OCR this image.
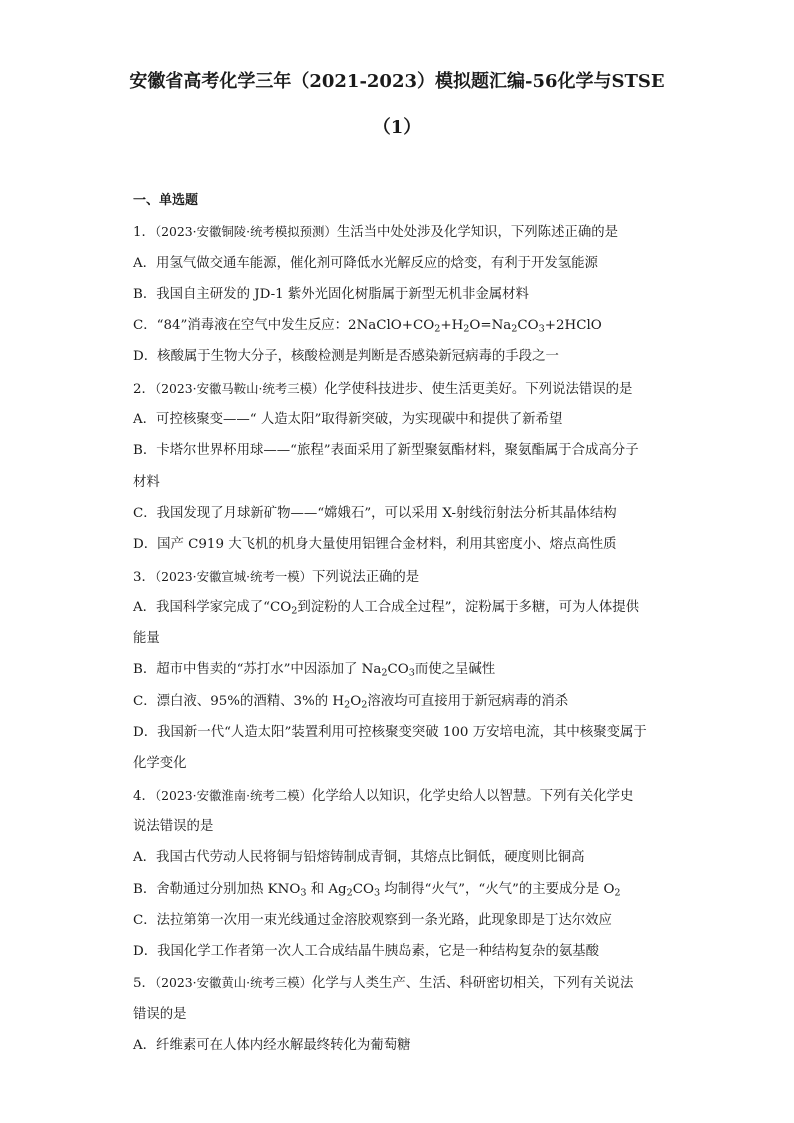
安徽省高考化学三年（2021-2023）模拟题汇编-56化学与STSE
（1）
一、单选题
1．（2023·安徽铜陵·统考模拟预测）生活当中处处涉及化学知识，下列陈述正确的是
A．用氢气做交通车能源，催化剂可降低水光解反应的焓变，有利于开发氢能源
B．我国自主研发的 JD-1 紫外光固化树脂属于新型无机非金属材料
C．“84”消毒液在空气中发生反应：$2NaClO+CO_2+H_2O=Na_2CO_3+2HClO$
D．核酸属于生物大分子，核酸检测是判断是否感染新冠病毒的手段之一
2．（2023·安徽马鞍山·统考三模）化学使科技进步、使生活更美好。下列说法错误的是
A．可控核聚变——“ 人造太阳”取得新突破，为实现碳中和提供了新希望
B．卡塔尔世界杯用球——“旅程”表面采用了新型聚氨酯材料，聚氨酯属于合成高分子
材料
C．我国发现了月球新矿物——“嫦娥石”，可以采用 X-射线衍射法分析其晶体结构
D．国产 C919 大飞机的机身大量使用铝锂合金材料，利用其密度小、熔点高性质
3．（2023·安徽宣城·统考一模）下列说法正确的是
A．我国科学家完成了“$CO_2$到淀粉的人工合成全过程”，淀粉属于多糖，可为人体提供
能量
B．超市中售卖的“苏打水”中因添加了 $Na_2CO_3$而使之呈碱性
C．漂白液、95%的酒精、3%的 $H_2O_2$溶液均可直接用于新冠病毒的消杀
D．我国新一代“人造太阳”装置利用可控核聚变突破 100 万安培电流，其中核聚变属于
化学变化
4．（2023·安徽淮南·统考二模）化学给人以知识，化学史给人以智慧。下列有关化学史
说法错误的是
A．我国古代劳动人民将铜与铅熔铸制成青铜，其熔点比铜低，硬度则比铜高
B．舍勒通过分别加热 $KNO_3$ 和 $Ag_2CO_3$ 均制得“火气”，“火气”的主要成分是 $O_2$
C．法拉第第一次用一束光线通过金溶胶观察到一条光路，此现象即是丁达尔效应
D．我国化学工作者第一次人工合成结晶牛胰岛素，它是一种结构复杂的氨基酸
5．（2023·安徽黄山·统考三模）化学与人类生产、生活、科研密切相关，下列有关说法
错误的是
A．纤维素可在人体内经水解最终转化为葡萄糖
